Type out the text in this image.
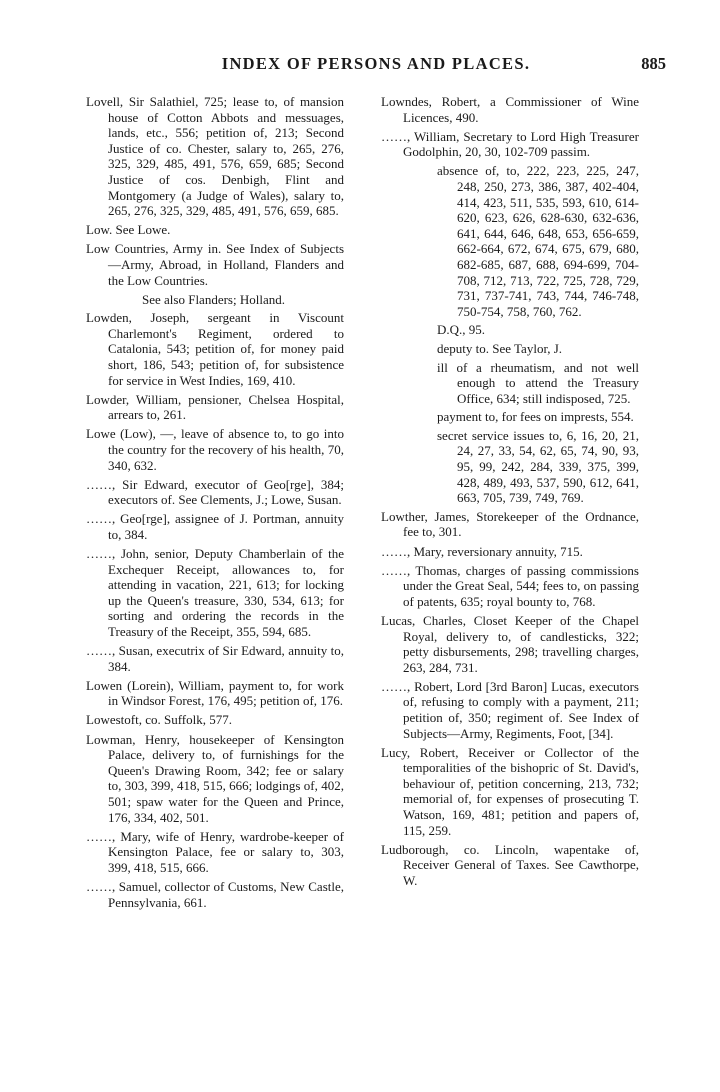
INDEX OF PERSONS AND PLACES.	885
Lovell, Sir Salathiel, 725; lease to, of mansion house of Cotton Abbots and messuages, lands, etc., 556; petition of, 213; Second Justice of co. Chester, salary to, 265, 276, 325, 329, 485, 491, 576, 659, 685; Second Justice of cos. Denbigh, Flint and Montgomery (a Judge of Wales), salary to, 265, 276, 325, 329, 485, 491, 576, 659, 685.
Low. See Lowe.
Low Countries, Army in. See Index of Subjects—Army, Abroad, in Holland, Flanders and the Low Countries.
See also Flanders; Holland.
Lowden, Joseph, sergeant in Viscount Charlemont's Regiment, ordered to Catalonia, 543; petition of, for money paid short, 186, 543; petition of, for subsistence for service in West Indies, 169, 410.
Lowder, William, pensioner, Chelsea Hospital, arrears to, 261.
Lowe (Low), —, leave of absence to, to go into the country for the recovery of his health, 70, 340, 632.
……, Sir Edward, executor of Geo[rge], 384; executors of. See Clements, J.; Lowe, Susan.
……, Geo[rge], assignee of J. Portman, annuity to, 384.
……, John, senior, Deputy Chamberlain of the Exchequer Receipt, allowances to, for attending in vacation, 221, 613; for locking up the Queen's treasure, 330, 534, 613; for sorting and ordering the records in the Treasury of the Receipt, 355, 594, 685.
……, Susan, executrix of Sir Edward, annuity to, 384.
Lowen (Lorein), William, payment to, for work in Windsor Forest, 176, 495; petition of, 176.
Lowestoft, co. Suffolk, 577.
Lowman, Henry, housekeeper of Kensington Palace, delivery to, of furnishings for the Queen's Drawing Room, 342; fee or salary to, 303, 399, 418, 515, 666; lodgings of, 402, 501; spaw water for the Queen and Prince, 176, 334, 402, 501.
……, Mary, wife of Henry, wardrobe-keeper of Kensington Palace, fee or salary to, 303, 399, 418, 515, 666.
……, Samuel, collector of Customs, New Castle, Pennsylvania, 661.
Lowndes, Robert, a Commissioner of Wine Licences, 490.
……, William, Secretary to Lord High Treasurer Godolphin, 20, 30, 102-709 passim.
absence of, to, 222, 223, 225, 247, 248, 250, 273, 386, 387, 402-404, 414, 423, 511, 535, 593, 610, 614-620, 623, 626, 628-630, 632-636, 641, 644, 646, 648, 653, 656-659, 662-664, 672, 674, 675, 679, 680, 682-685, 687, 688, 694-699, 704-708, 712, 713, 722, 725, 728, 729, 731, 737-741, 743, 744, 746-748, 750-754, 758, 760, 762.
D.Q., 95.
deputy to. See Taylor, J.
ill of a rheumatism, and not well enough to attend the Treasury Office, 634; still indisposed, 725.
payment to, for fees on imprests, 554.
secret service issues to, 6, 16, 20, 21, 24, 27, 33, 54, 62, 65, 74, 90, 93, 95, 99, 242, 284, 339, 375, 399, 428, 489, 493, 537, 590, 612, 641, 663, 705, 739, 749, 769.
Lowther, James, Storekeeper of the Ordnance, fee to, 301.
……, Mary, reversionary annuity, 715.
……, Thomas, charges of passing commissions under the Great Seal, 544; fees to, on passing of patents, 635; royal bounty to, 768.
Lucas, Charles, Closet Keeper of the Chapel Royal, delivery to, of candlesticks, 322; petty disbursements, 298; travelling charges, 263, 284, 731.
……, Robert, Lord [3rd Baron] Lucas, executors of, refusing to comply with a payment, 211; petition of, 350; regiment of. See Index of Subjects—Army, Regiments, Foot, [34].
Lucy, Robert, Receiver or Collector of the temporalities of the bishopric of St. David's, behaviour of, petition concerning, 213, 732; memorial of, for expenses of prosecuting T. Watson, 169, 481; petition and papers of, 115, 259.
Ludborough, co. Lincoln, wapentake of, Receiver General of Taxes. See Cawthorpe, W.
